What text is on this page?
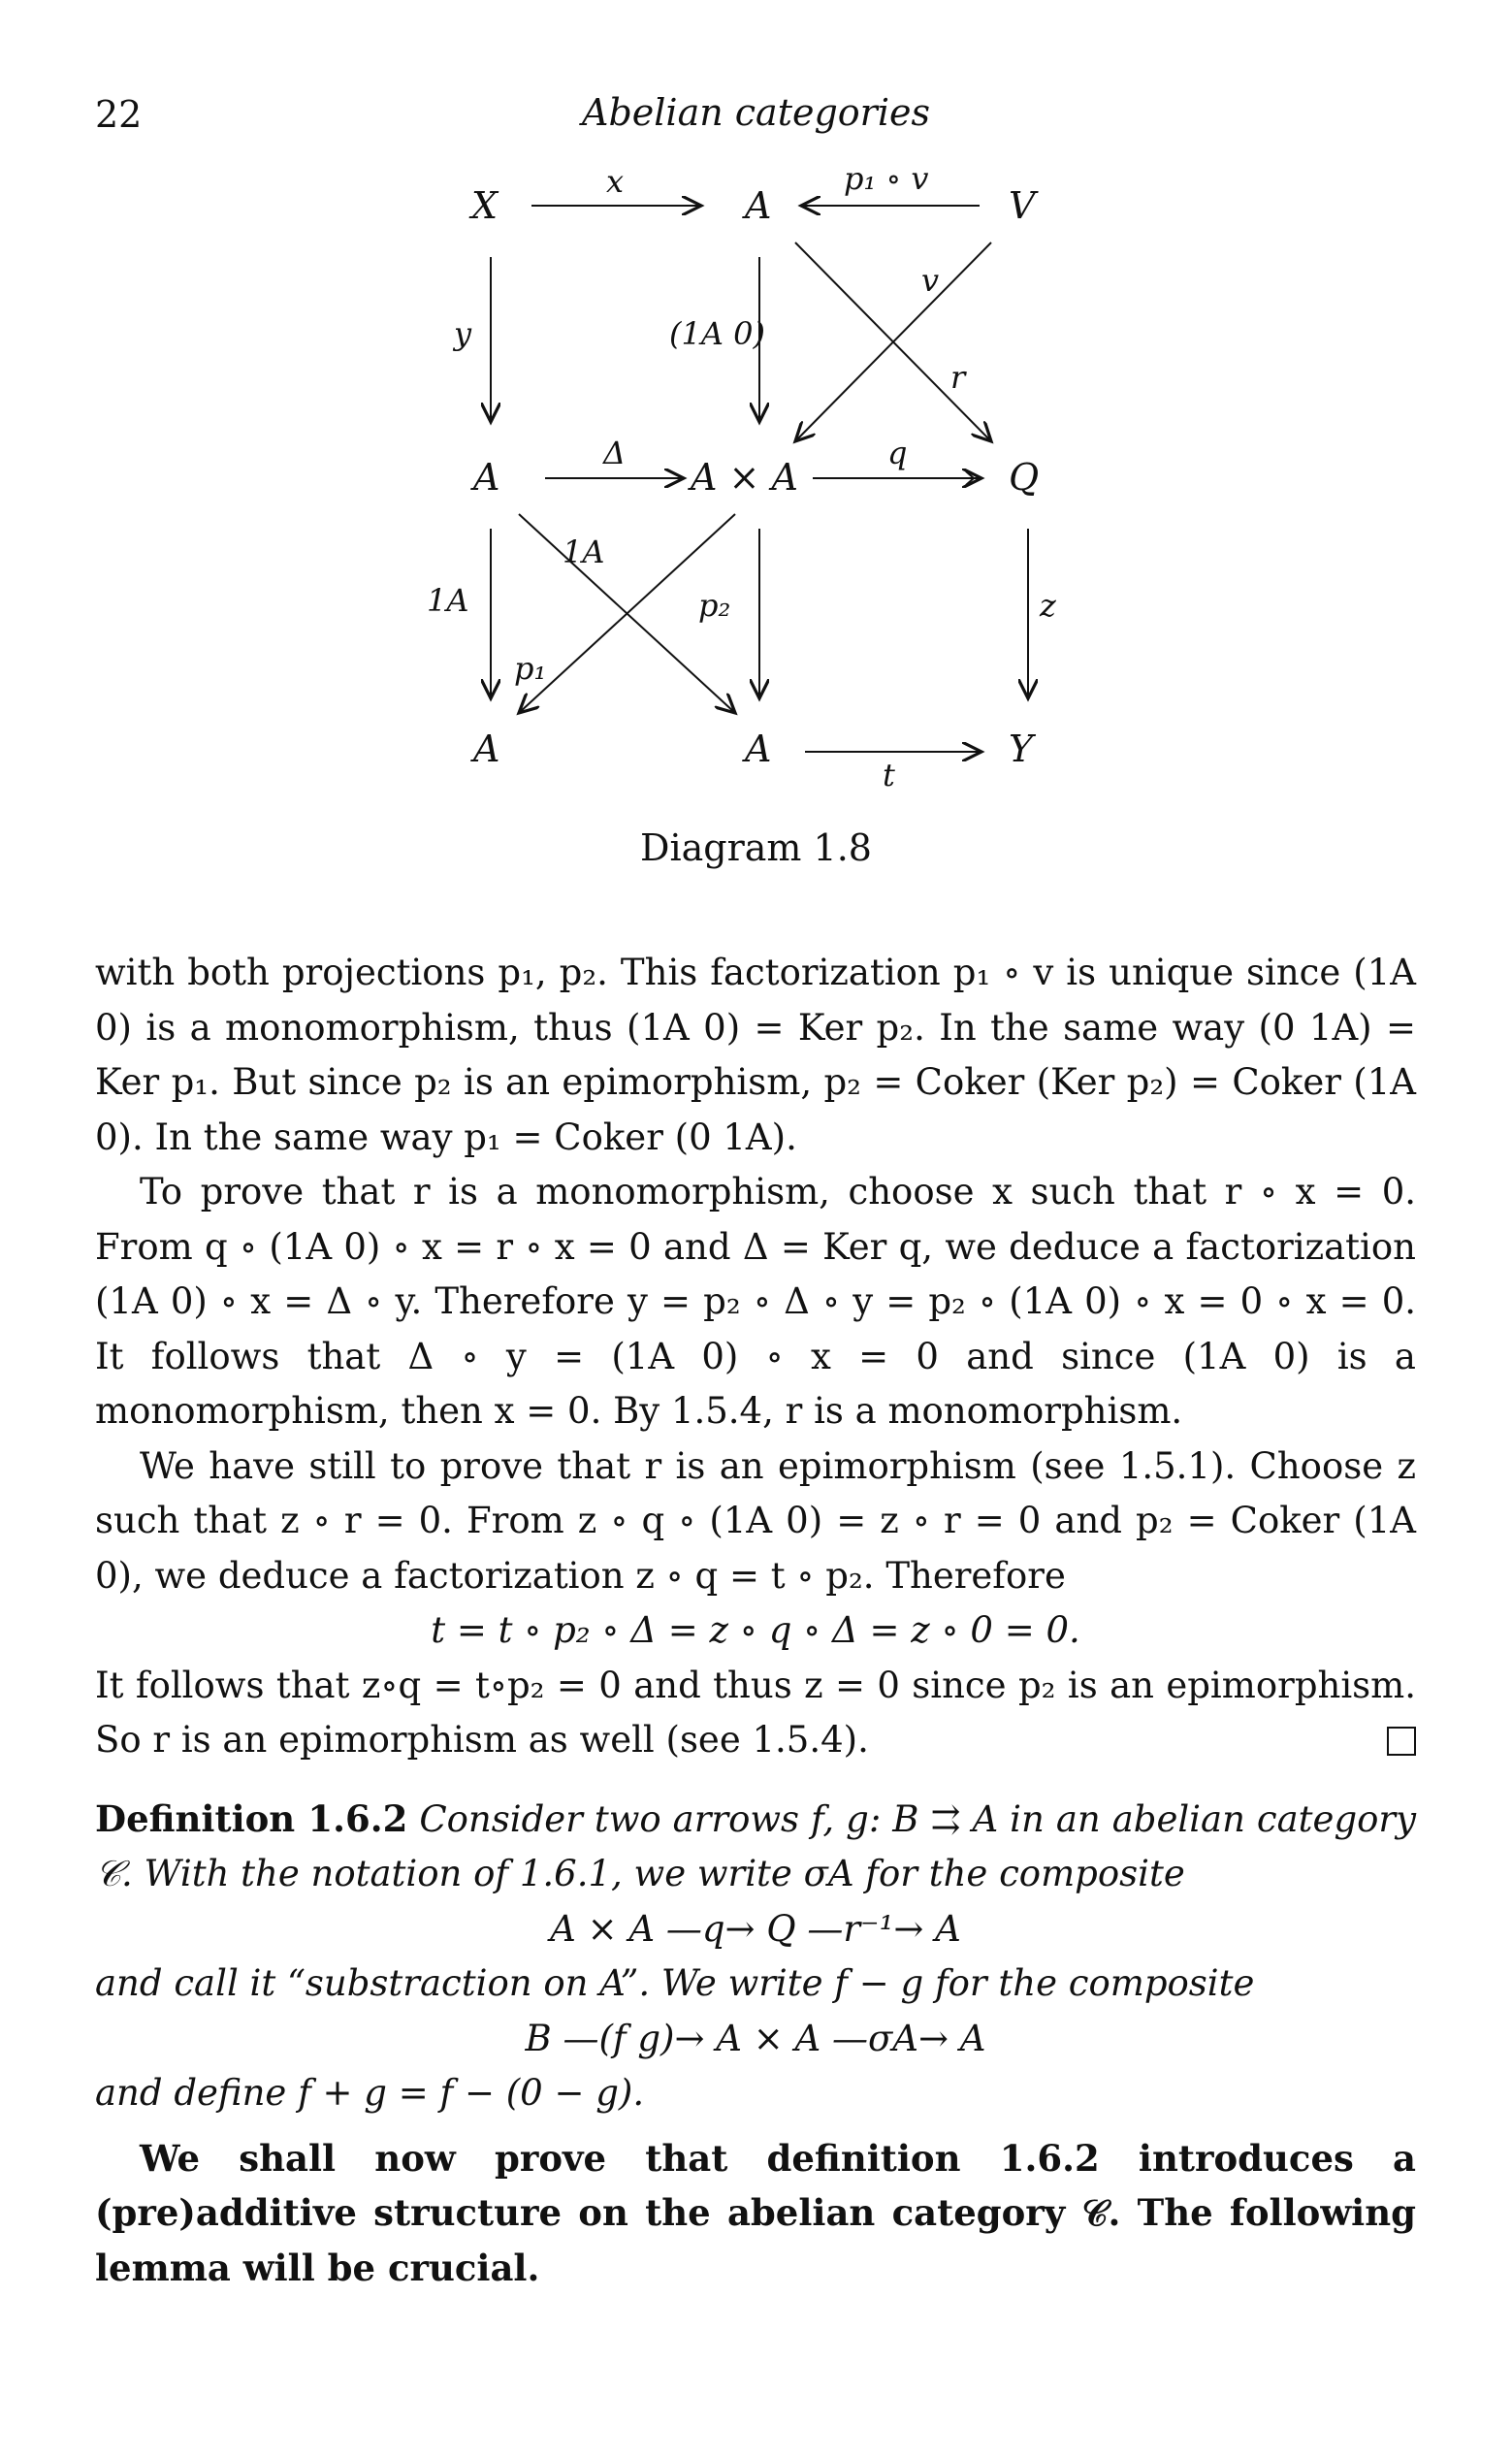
22	Abelian categories
X	A	V
A	A × A	Q
A	A	Y
x	p₁ ∘ v
y	(1A 0)
v
r
Δ	q
1A
1A
p₂
p₁
z
t
Diagram 1.8

with both projections p₁, p₂. This factorization p₁ ∘ v is unique since (1A 0) is a monomorphism, thus (1A 0) = Ker p₂. In the same way (0 1A) = Ker p₁. But since p₂ is an epimorphism, p₂ = Coker (Ker p₂) = Coker (1A 0). In the same way p₁ = Coker (0 1A).

To prove that r is a monomorphism, choose x such that r ∘ x = 0. From q ∘ (1A 0) ∘ x = r ∘ x = 0 and Δ = Ker q, we deduce a factorization (1A 0) ∘ x = Δ ∘ y. Therefore y = p₂ ∘ Δ ∘ y = p₂ ∘ (1A 0) ∘ x = 0 ∘ x = 0. It follows that Δ ∘ y = (1A 0) ∘ x = 0 and since (1A 0) is a monomorphism, then x = 0. By 1.5.4, r is a monomorphism.

We have still to prove that r is an epimorphism (see 1.5.1). Choose z such that z ∘ r = 0. From z ∘ q ∘ (1A 0) = z ∘ r = 0 and p₂ = Coker (1A 0), we deduce a factorization z ∘ q = t ∘ p₂. Therefore

t = t ∘ p₂ ∘ Δ = z ∘ q ∘ Δ = z ∘ 0 = 0.

It follows that z∘q = t∘p₂ = 0 and thus z = 0 since p₂ is an epimorphism. So r is an epimorphism as well (see 1.5.4).

Definition 1.6.2 Consider two arrows f, g: B ⇉ A in an abelian category 𝒞. With the notation of 1.6.1, we write σA for the composite

A × A —q→ Q —r⁻¹→ A

and call it “substraction on A”. We write f − g for the composite

B —(f g)→ A × A —σA→ A

and define f + g = f − (0 − g).

We shall now prove that definition 1.6.2 introduces a (pre)additive structure on the abelian category 𝒞. The following lemma will be crucial.
